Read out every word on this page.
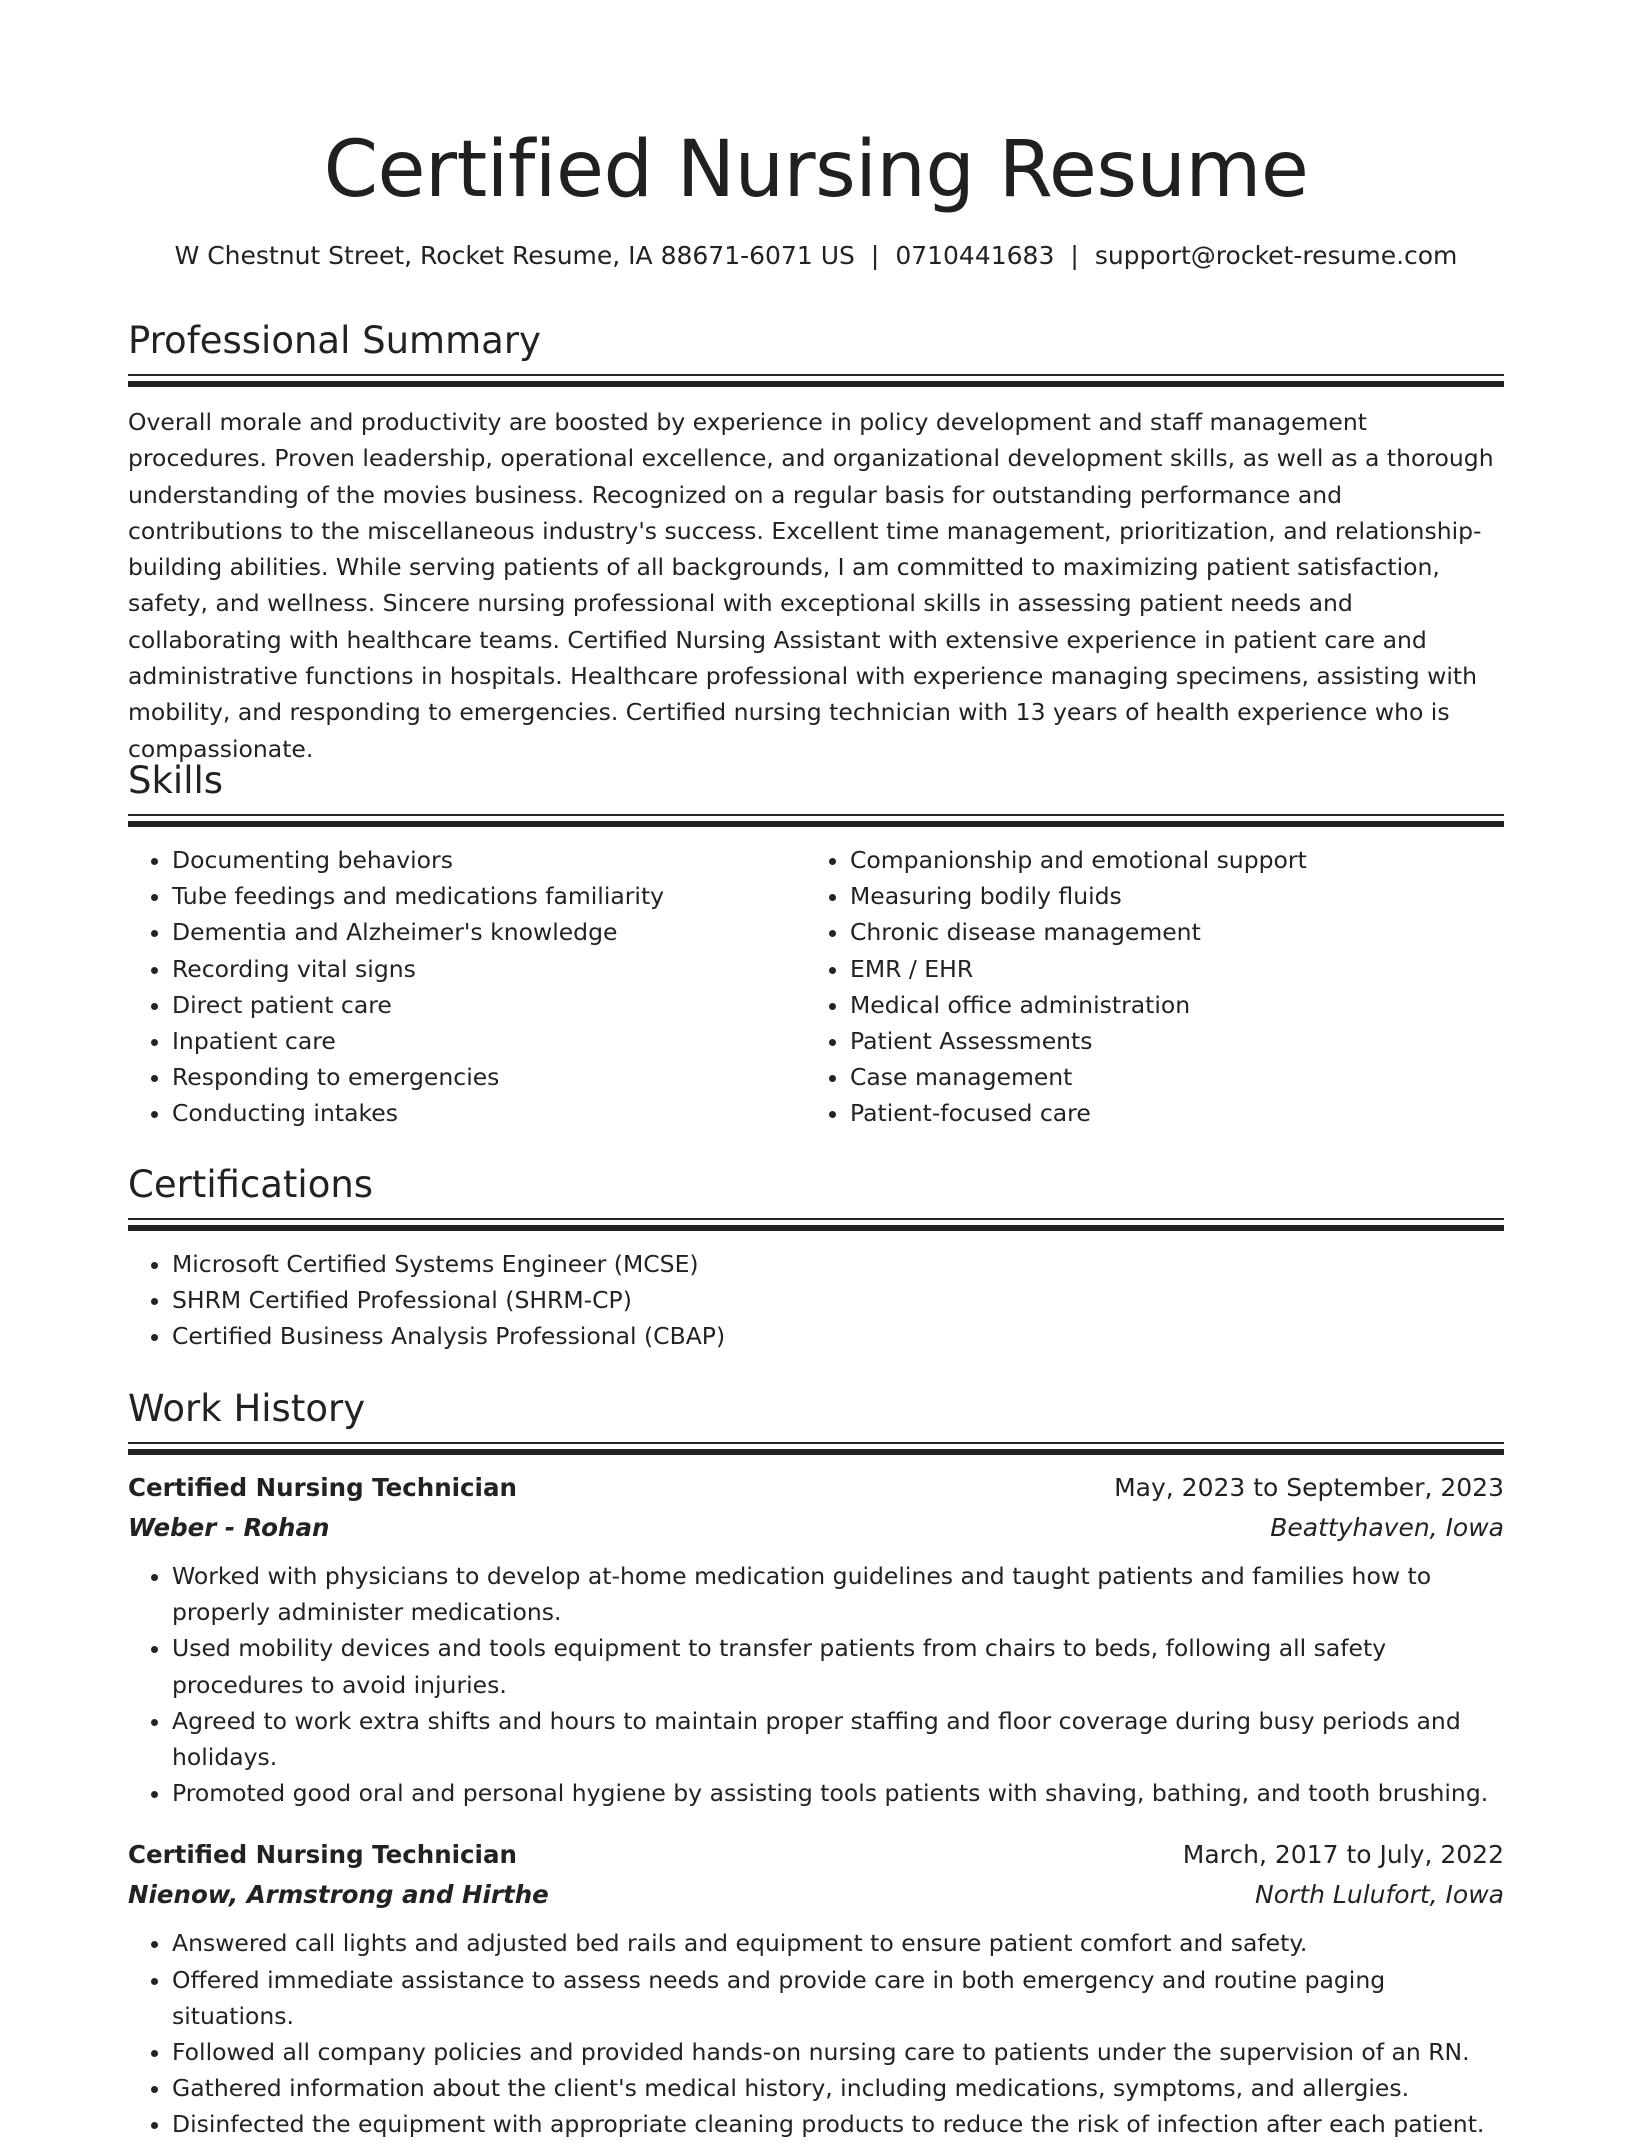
Certified Nursing Resume
W Chestnut Street, Rocket Resume, IA 88671-6071 US | 0710441683 | support@rocket-resume.com
Professional Summary

Overall morale and productivity are boosted by experience in policy development and staff management procedures. Proven leadership, operational excellence, and organizational development skills, as well as a thorough understanding of the movies business. Recognized on a regular basis for outstanding performance and contributions to the miscellaneous industry's success. Excellent time management, prioritization, and relationship-building abilities. While serving patients of all backgrounds, I am committed to maximizing patient satisfaction, safety, and wellness. Sincere nursing professional with exceptional skills in assessing patient needs and collaborating with healthcare teams. Certified Nursing Assistant with extensive experience in patient care and administrative functions in hospitals. Healthcare professional with experience managing specimens, assisting with mobility, and responding to emergencies. Certified nursing technician with 13 years of health experience who is compassionate.

Skills
• Documenting behaviors
• Tube feedings and medications familiarity
• Dementia and Alzheimer's knowledge
• Recording vital signs
• Direct patient care
• Inpatient care
• Responding to emergencies
• Conducting intakes
• Companionship and emotional support
• Measuring bodily fluids
• Chronic disease management
• EMR / EHR
• Medical office administration
• Patient Assessments
• Case management
• Patient-focused care
Certifications
• Microsoft Certified Systems Engineer (MCSE)
• SHRM Certified Professional (SHRM-CP)
• Certified Business Analysis Professional (CBAP)
Work History
Certified Nursing Technician	May, 2023 to September, 2023
Weber - Rohan	Beattyhaven, Iowa
• Worked with physicians to develop at-home medication guidelines and taught patients and families how to properly administer medications.
• Used mobility devices and tools equipment to transfer patients from chairs to beds, following all safety procedures to avoid injuries.
• Agreed to work extra shifts and hours to maintain proper staffing and floor coverage during busy periods and holidays.
• Promoted good oral and personal hygiene by assisting tools patients with shaving, bathing, and tooth brushing.
Certified Nursing Technician	March, 2017 to July, 2022
Nienow, Armstrong and Hirthe	North Lulufort, Iowa
• Answered call lights and adjusted bed rails and equipment to ensure patient comfort and safety.
• Offered immediate assistance to assess needs and provide care in both emergency and routine paging situations.
• Followed all company policies and provided hands-on nursing care to patients under the supervision of an RN.
• Gathered information about the client's medical history, including medications, symptoms, and allergies.
• Disinfected the equipment with appropriate cleaning products to reduce the risk of infection after each patient.
